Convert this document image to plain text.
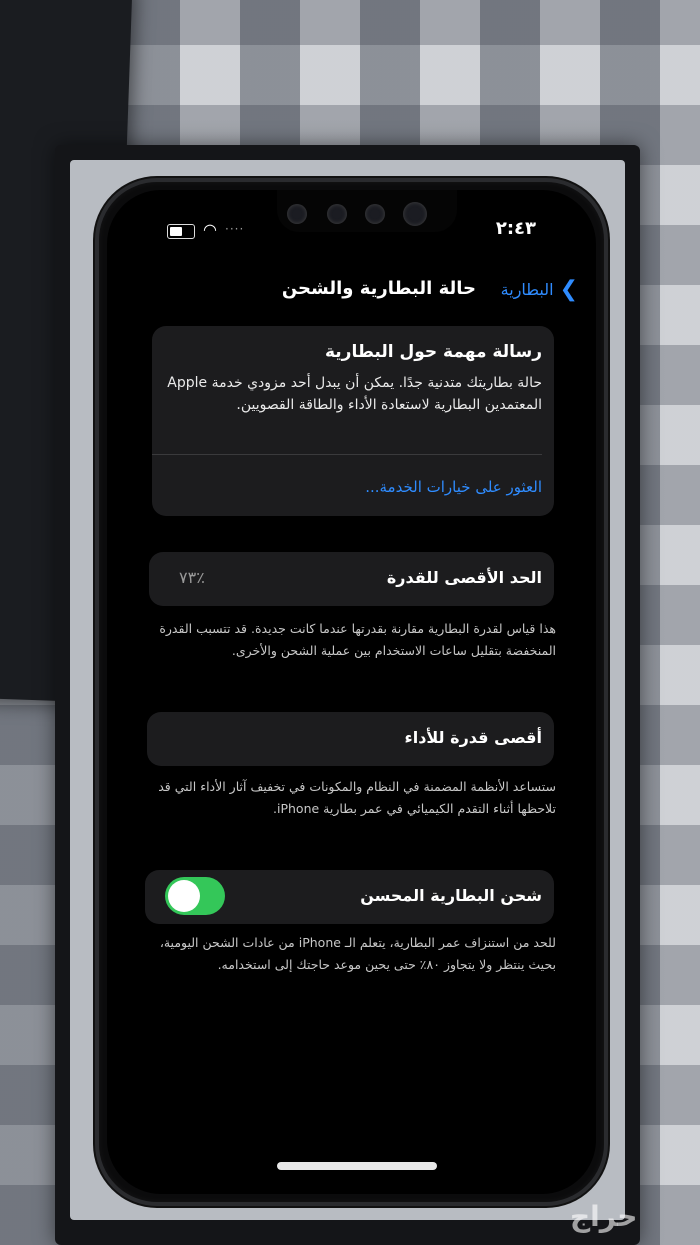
٢:٤٣
◠ ····
❯
البطارية
حالة البطارية والشحن
رسالة مهمة حول البطارية
حالة بطاريتك متدنية جدًا. يمكن أن يبدل أحد مزودي خدمة Apple المعتمدين البطارية لاستعادة الأداء والطاقة القصويين.
العثور على خيارات الخدمة...
الحد الأقصى للقدرة
٪٧٣
هذا قياس لقدرة البطارية مقارنة بقدرتها عندما كانت جديدة. قد تتسبب القدرة المنخفضة بتقليل ساعات الاستخدام بين عملية الشحن والأخرى.
أقصى قدرة للأداء
ستساعد الأنظمة المضمنة في النظام والمكونات في تخفيف آثار الأداء التي قد تلاحظها أثناء التقدم الكيميائي في عمر بطارية iPhone.
شحن البطارية المحسن
للحد من استنزاف عمر البطارية، يتعلم الـ iPhone من عادات الشحن اليومية، بحيث ينتظر ولا يتجاوز ٨٠٪ حتى يحين موعد حاجتك إلى استخدامه.
حراج
